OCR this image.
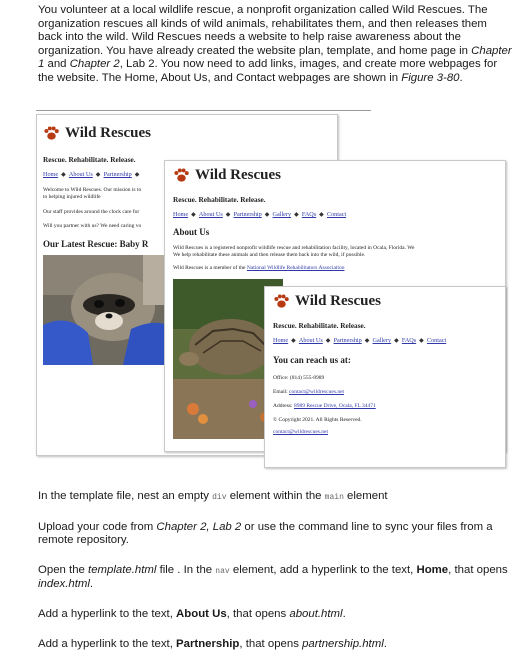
You volunteer at a local wildlife rescue, a nonprofit organization called Wild Rescues. The organization rescues all kinds of wild animals, rehabilitates them, and then releases them back into the wild. Wild Rescues needs a website to help raise awareness about the organization. You have already created the website plan, template, and home page in Chapter 1 and Chapter 2, Lab 2. You now need to add links, images, and create more webpages for the website. The Home, About Us, and Contact webpages are shown in Figure 3-80.
Wild Rescues
Rescue. Rehabilitate. Release.
Home ◆ About Us ◆ Partnership ◆
Welcome to Wild Rescues. Our mission is to
to helping injured wildlife
Our staff provides around the clock care for
Will you partner with us? We need caring vo
Our Latest Rescue: Baby R
Wild Rescues
Rescue. Rehabilitate. Release.
Home ◆ About Us ◆ Partnership ◆ Gallery ◆ FAQs ◆ Contact
About Us
Wild Rescues is a registered nonprofit wildlife rescue and rehabilitation facility, located in Ocala, Florida. We
We help rehabilitate these animals and then release them back into the wild, if possible.
Wild Rescues is a member of the National Wildlife Rehabilitators Association
Wild Rescues
Rescue. Rehabilitate. Release.
Home ◆ About Us ◆ Partnership ◆ Gallery ◆ FAQs ◆ Contact
You can reach us at:
Office: (814) 555-8989
Email: contact@wildrescues.net
Address: 8989 Rescue Drive, Ocala, FL 34471
© Copyright 2021. All Rights Reserved.
contact@wildrescues.net
In the template file, nest an empty div element within the main element
Upload your code from Chapter 2, Lab 2 or use the command line to sync your files from a remote repository.
Open the template.html file . In the nav element, add a hyperlink to the text, Home, that opens index.html.
Add a hyperlink to the text, About Us, that opens about.html.
Add a hyperlink to the text, Partnership, that opens partnership.html.
